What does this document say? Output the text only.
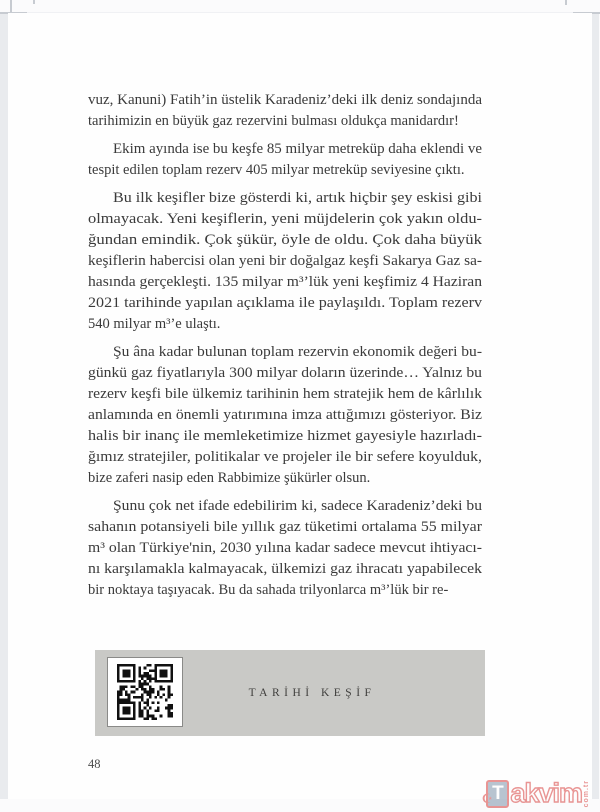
vuz, Kanuni) Fatih’in üstelik Karadeniz’deki ilk deniz sondajında
tarihimizin en büyük gaz rezervini bulması oldukça manidardır!
Ekim ayında ise bu keşfe 85 milyar metreküp daha eklendi ve
tespit edilen toplam rezerv 405 milyar metreküp seviyesine çıktı.
Bu ilk keşifler bize gösterdi ki, artık hiçbir şey eskisi gibi
olmayacak. Yeni keşiflerin, yeni müjdelerin çok yakın oldu-
ğundan emindik. Çok şükür, öyle de oldu. Çok daha büyük
keşiflerin habercisi olan yeni bir doğalgaz keşfi Sakarya Gaz sa-
hasında gerçekleşti. 135 milyar m³’lük yeni keşfimiz 4 Haziran
2021 tarihinde yapılan açıklama ile paylaşıldı. Toplam rezerv
540 milyar m³’e ulaştı.
Şu âna kadar bulunan toplam rezervin ekonomik değeri bu-
günkü gaz fiyatlarıyla 300 milyar doların üzerinde… Yalnız bu
rezerv keşfi bile ülkemiz tarihinin hem stratejik hem de kârlılık
anlamında en önemli yatırımına imza attığımızı gösteriyor. Biz
halis bir inanç ile memleketimize hizmet gayesiyle hazırladı-
ğımız stratejiler, politikalar ve projeler ile bir sefere koyulduk,
bize zaferi nasip eden Rabbimize şükürler olsun.
Şunu çok net ifade edebilirim ki, sadece Karadeniz’deki bu
sahanın potansiyeli bile yıllık gaz tüketimi ortalama 55 milyar
m³ olan Türkiye'nin, 2030 yılına kadar sadece mevcut ihtiyacı-
nı karşılamakla kalmayacak, ülkemizi gaz ihracatı yapabilecek
bir noktaya taşıyacak. Bu da sahada trilyonlarca m³’lük bir re-
TARİHİ KEŞİF
48
☪ T akvim com.tr
